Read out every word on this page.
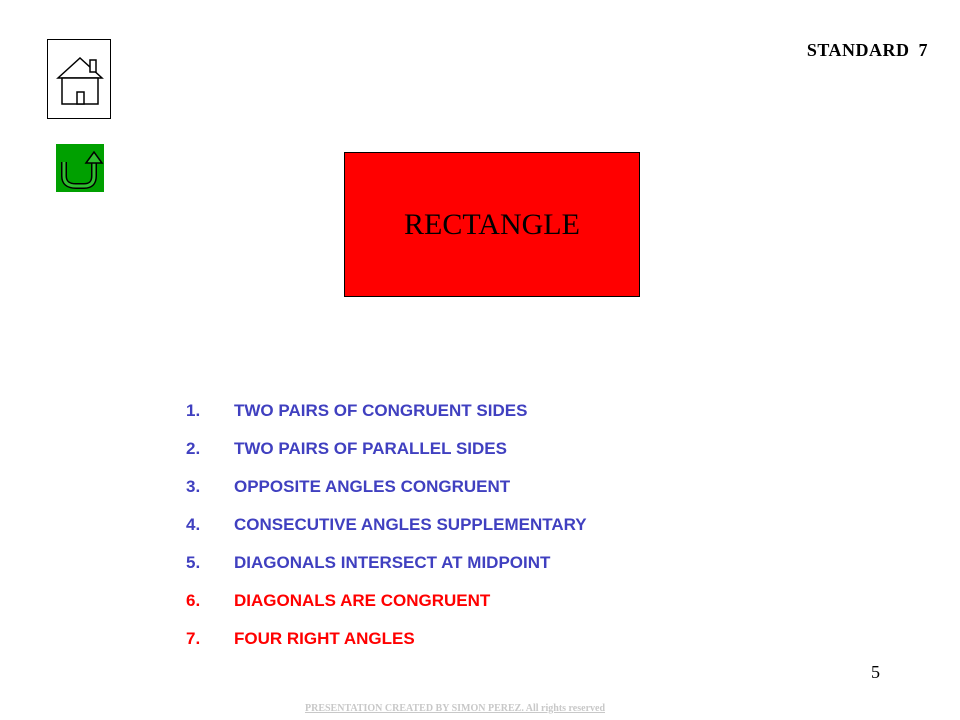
STANDARD 7
RECTANGLE
1.	TWO PAIRS OF CONGRUENT SIDES
2.	TWO PAIRS OF PARALLEL SIDES
3.	OPPOSITE ANGLES CONGRUENT
4.	CONSECUTIVE ANGLES SUPPLEMENTARY
5.	DIAGONALS INTERSECT AT MIDPOINT
6.	DIAGONALS ARE CONGRUENT
7.	FOUR RIGHT ANGLES
5
PRESENTATION CREATED BY SIMON PEREZ. All rights reserved
